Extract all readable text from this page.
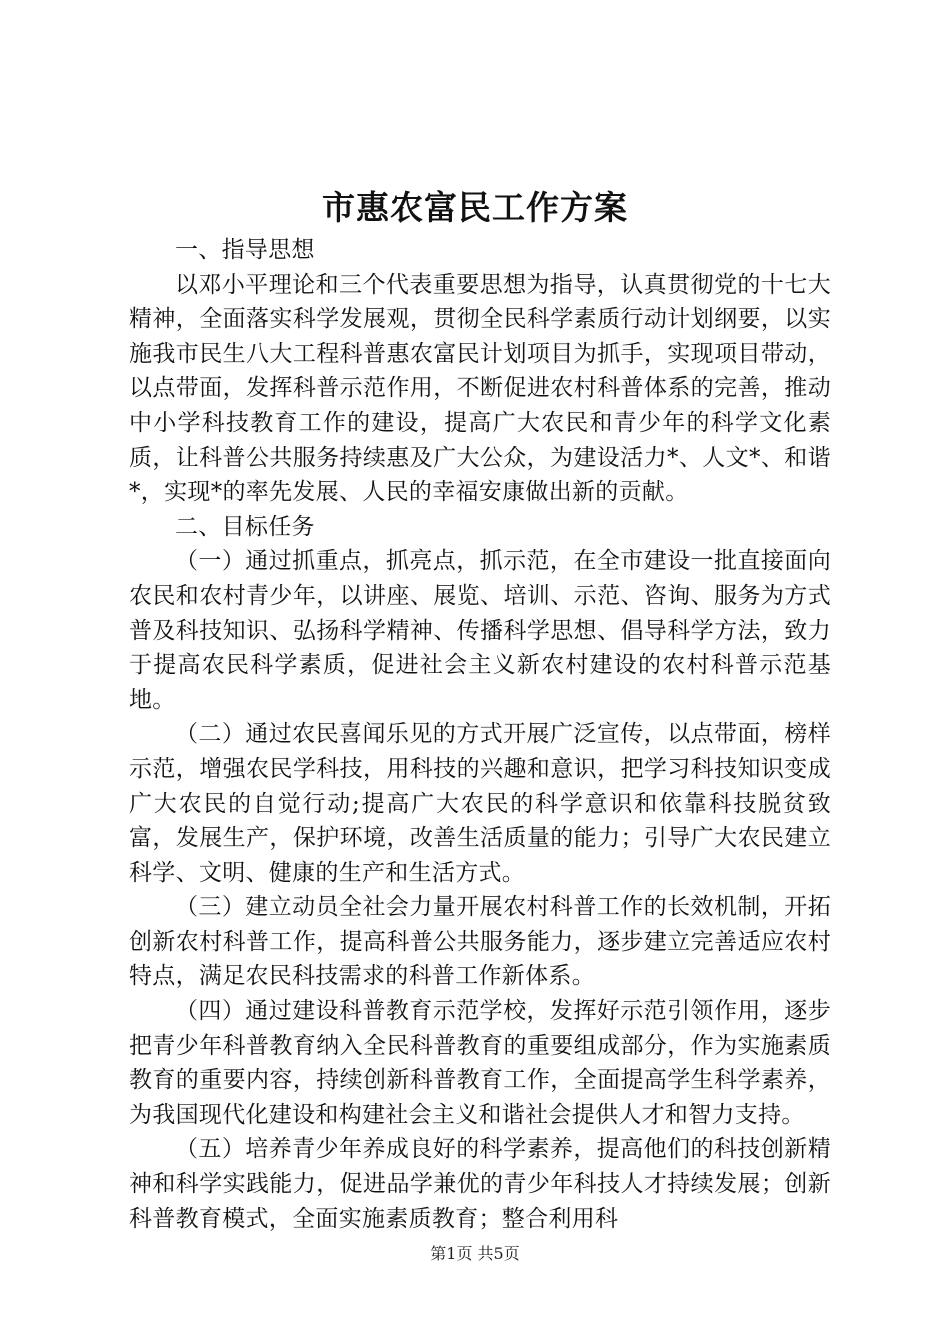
市惠农富民工作方案

一、指导思想

以邓小平理论和三个代表重要思想为指导，认真贯彻党的十七大精神，全面落实科学发展观，贯彻全民科学素质行动计划纲要，以实施我市民生八大工程科普惠农富民计划项目为抓手，实现项目带动，以点带面，发挥科普示范作用，不断促进农村科普体系的完善，推动中小学科技教育工作的建设，提高广大农民和青少年的科学文化素质，让科普公共服务持续惠及广大公众，为建设活力*、人文*、和谐*，实现*的率先发展、人民的幸福安康做出新的贡献。

二、目标任务

（一）通过抓重点，抓亮点，抓示范，在全市建设一批直接面向农民和农村青少年，以讲座、展览、培训、示范、咨询、服务为方式普及科技知识、弘扬科学精神、传播科学思想、倡导科学方法，致力于提高农民科学素质，促进社会主义新农村建设的农村科普示范基地。

（二）通过农民喜闻乐见的方式开展广泛宣传，以点带面，榜样示范，增强农民学科技，用科技的兴趣和意识，把学习科技知识变成广大农民的自觉行动;提高广大农民的科学意识和依靠科技脱贫致富，发展生产，保护环境，改善生活质量的能力；引导广大农民建立科学、文明、健康的生产和生活方式。

（三）建立动员全社会力量开展农村科普工作的长效机制，开拓创新农村科普工作，提高科普公共服务能力，逐步建立完善适应农村特点，满足农民科技需求的科普工作新体系。

（四）通过建设科普教育示范学校，发挥好示范引领作用，逐步把青少年科普教育纳入全民科普教育的重要组成部分，作为实施素质教育的重要内容，持续创新科普教育工作，全面提高学生科学素养，为我国现代化建设和构建社会主义和谐社会提供人才和智力支持。

（五）培养青少年养成良好的科学素养，提高他们的科技创新精神和科学实践能力，促进品学兼优的青少年科技人才持续发展；创新科普教育模式，全面实施素质教育；整合利用科

第1页 共5页
